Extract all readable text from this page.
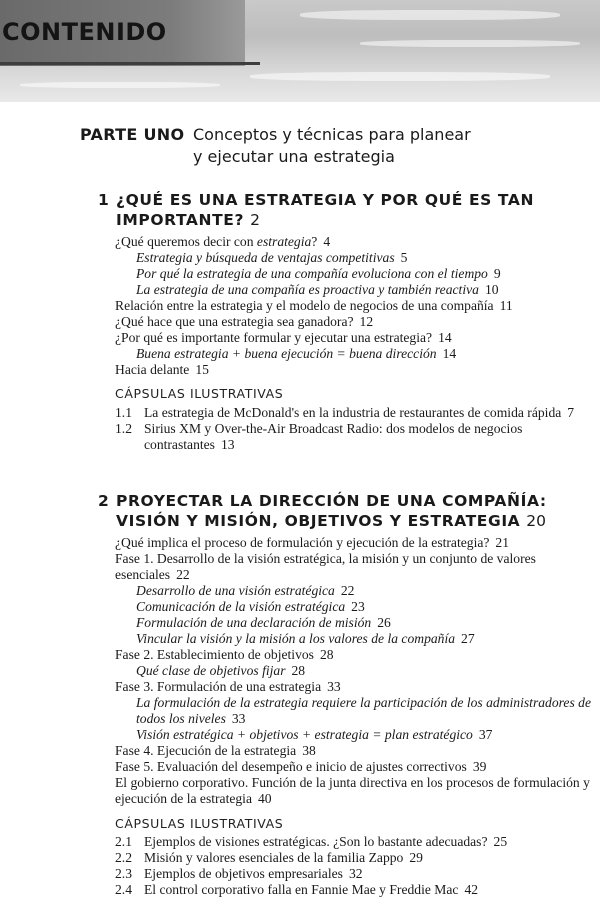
CONTENIDO
PARTE UNO Conceptos y técnicas para planear
y ejecutar una estrategia
1 ¿QUÉ ES UNA ESTRATEGIA Y POR QUÉ ES TAN
IMPORTANTE? 2
¿Qué queremos decir con estrategia? 4
Estrategia y búsqueda de ventajas competitivas 5
Por qué la estrategia de una compañía evoluciona con el tiempo 9
La estrategia de una compañía es proactiva y también reactiva 10
Relación entre la estrategia y el modelo de negocios de una compañía 11
¿Qué hace que una estrategia sea ganadora? 12
¿Por qué es importante formular y ejecutar una estrategia? 14
Buena estrategia + buena ejecución = buena dirección 14
Hacia delante 15
CÁPSULAS ILUSTRATIVAS
1.1 La estrategia de McDonald's en la industria de restaurantes de comida rápida 7
1.2 Sirius XM y Over-the-Air Broadcast Radio: dos modelos de negocios contrastantes 13
2 PROYECTAR LA DIRECCIÓN DE UNA COMPAÑÍA:
VISIÓN Y MISIÓN, OBJETIVOS Y ESTRATEGIA 20
¿Qué implica el proceso de formulación y ejecución de la estrategia? 21
Fase 1. Desarrollo de la visión estratégica, la misión y un conjunto de valores esenciales 22
Desarrollo de una visión estratégica 22
Comunicación de la visión estratégica 23
Formulación de una declaración de misión 26
Vincular la visión y la misión a los valores de la compañía 27
Fase 2. Establecimiento de objetivos 28
Qué clase de objetivos fijar 28
Fase 3. Formulación de una estrategia 33
La formulación de la estrategia requiere la participación de los administradores de todos los niveles 33
Visión estratégica + objetivos + estrategia = plan estratégico 37
Fase 4. Ejecución de la estrategia 38
Fase 5. Evaluación del desempeño e inicio de ajustes correctivos 39
El gobierno corporativo. Función de la junta directiva en los procesos de formulación y ejecución de la estrategia 40
CÁPSULAS ILUSTRATIVAS
2.1 Ejemplos de visiones estratégicas. ¿Son lo bastante adecuadas? 25
2.2 Misión y valores esenciales de la familia Zappo 29
2.3 Ejemplos de objetivos empresariales 32
2.4 El control corporativo falla en Fannie Mae y Freddie Mac 42
